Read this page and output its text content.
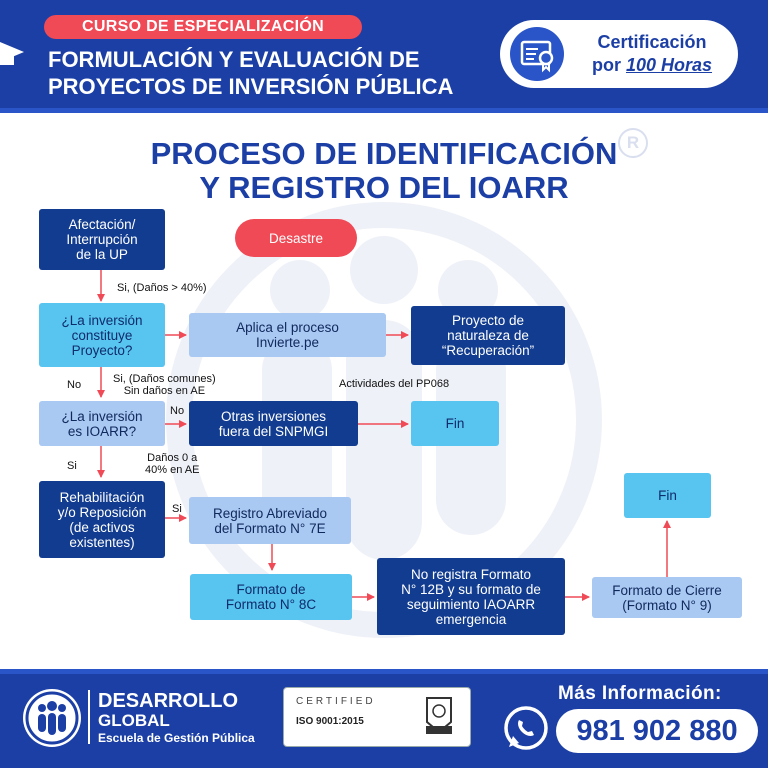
CURSO DE ESPECIALIZACIÓN
FORMULACIÓN Y EVALUACIÓN DE
PROYECTOS DE INVERSIÓN PÚBLICA
Certificación
por 100 Horas
PROCESO DE IDENTIFICACIÓN
Y REGISTRO DEL IOARR
R
Afectación/
Interrupción
de la UP
Desastre
¿La inversión
constituye
Proyecto?
Aplica el proceso
Invierte.pe
Proyecto de
naturaleza de
“Recuperación”
¿La inversión
es IOARR?
Otras inversiones
fuera del SNPMGI	Fin
Rehabilitación
y/o Reposición
(de activos
existentes)
Registro Abreviado
del Formato N° 7E
Formato de
Formato N° 8C
No registra Formato
N° 12B y su formato de
seguimiento IAOARR
emergencia
Formato de Cierre
(Formato N° 9)
Fin
Si, (Daños > 40%)
No	Si, (Daños comunes)
Sin daños en AE
Actividades del PP068
No
Si
Daños 0 a
40% en AE
Si
DESARROLLO
GLOBAL
Escuela de Gestión Pública
CERTIFIED
ISO 9001:2015
Más Información:
981 902 880
